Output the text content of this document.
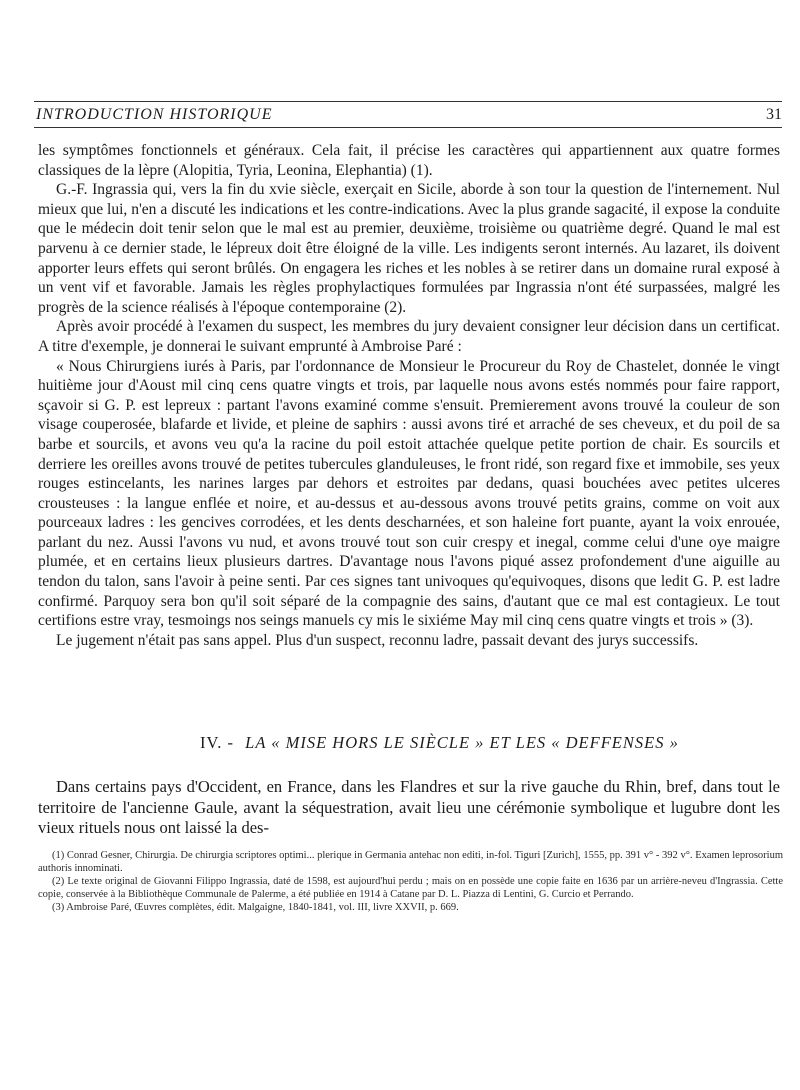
INTRODUCTION HISTORIQUE	31

les symptômes fonctionnels et généraux. Cela fait, il précise les caractères qui appartiennent aux quatre formes classiques de la lèpre (Alopitia, Tyria, Leonina, Elephantia) (1).

G.-F. Ingrassia qui, vers la fin du xvie siècle, exerçait en Sicile, aborde à son tour la question de l'internement. Nul mieux que lui, n'en a discuté les indications et les contre-indications. Avec la plus grande sagacité, il expose la conduite que le médecin doit tenir selon que le mal est au premier, deuxième, troisième ou quatrième degré. Quand le mal est parvenu à ce dernier stade, le lépreux doit être éloigné de la ville. Les indigents seront internés. Au lazaret, ils doivent apporter leurs effets qui seront brûlés. On engagera les riches et les nobles à se retirer dans un domaine rural exposé à un vent vif et favorable. Jamais les règles prophylactiques formulées par Ingrassia n'ont été surpassées, malgré les progrès de la science réalisés à l'époque contemporaine (2).

Après avoir procédé à l'examen du suspect, les membres du jury devaient consigner leur décision dans un certificat. A titre d'exemple, je donnerai le suivant emprunté à Ambroise Paré :

« Nous Chirurgiens iurés à Paris, par l'ordonnance de Monsieur le Procureur du Roy de Chastelet, donnée le vingt huitième jour d'Aoust mil cinq cens quatre vingts et trois, par laquelle nous avons estés nommés pour faire rapport, sçavoir si G. P. est lepreux : partant l'avons examiné comme s'ensuit. Premierement avons trouvé la couleur de son visage couperosée, blafarde et livide, et pleine de saphirs : aussi avons tiré et arraché de ses cheveux, et du poil de sa barbe et sourcils, et avons veu qu'a la racine du poil estoit attachée quelque petite portion de chair. Es sourcils et derriere les oreilles avons trouvé de petites tubercules glanduleuses, le front ridé, son regard fixe et immobile, ses yeux rouges estincelants, les narines larges par dehors et estroites par dedans, quasi bouchées avec petites ulceres crousteuses : la langue enflée et noire, et au-dessus et au-dessous avons trouvé petits grains, comme on voit aux pourceaux ladres : les gencives corrodées, et les dents descharnées, et son haleine fort puante, ayant la voix enrouée, parlant du nez. Aussi l'avons vu nud, et avons trouvé tout son cuir crespy et inegal, comme celui d'une oye maigre plumée, et en certains lieux plusieurs dartres. D'avantage nous l'avons piqué assez profondement d'une aiguille au tendon du talon, sans l'avoir à peine senti. Par ces signes tant univoques qu'equivoques, disons que ledit G. P. est ladre confirmé. Parquoy sera bon qu'il soit séparé de la compagnie des sains, d'autant que ce mal est contagieux. Le tout certifions estre vray, tesmoings nos seings manuels cy mis le sixiéme May mil cinq cens quatre vingts et trois » (3).

Le jugement n'était pas sans appel. Plus d'un suspect, reconnu ladre, passait devant des jurys successifs.

IV. - LA « MISE HORS LE SIÈCLE » ET LES « DEFFENSES »

Dans certains pays d'Occident, en France, dans les Flandres et sur la rive gauche du Rhin, bref, dans tout le territoire de l'ancienne Gaule, avant la séquestration, avait lieu une cérémonie symbolique et lugubre dont les vieux rituels nous ont laissé la des-

(1) Conrad Gesner, Chirurgia. De chirurgia scriptores optimi... plerique in Germania antehac non editi, in-fol. Tiguri [Zurich], 1555, pp. 391 v° - 392 v°. Examen leprosorium authoris innominati.

(2) Le texte original de Giovanni Filippo Ingrassia, daté de 1598, est aujourd'hui perdu ; mais on en possède une copie faite en 1636 par un arrière-neveu d'Ingrassia. Cette copie, conservée à la Bibliothèque Communale de Palerme, a été publiée en 1914 à Catane par D. L. Piazza di Lentini, G. Curcio et Perrando.

(3) Ambroise Paré, Œuvres complètes, édit. Malgaigne, 1840-1841, vol. III, livre XXVII, p. 669.
